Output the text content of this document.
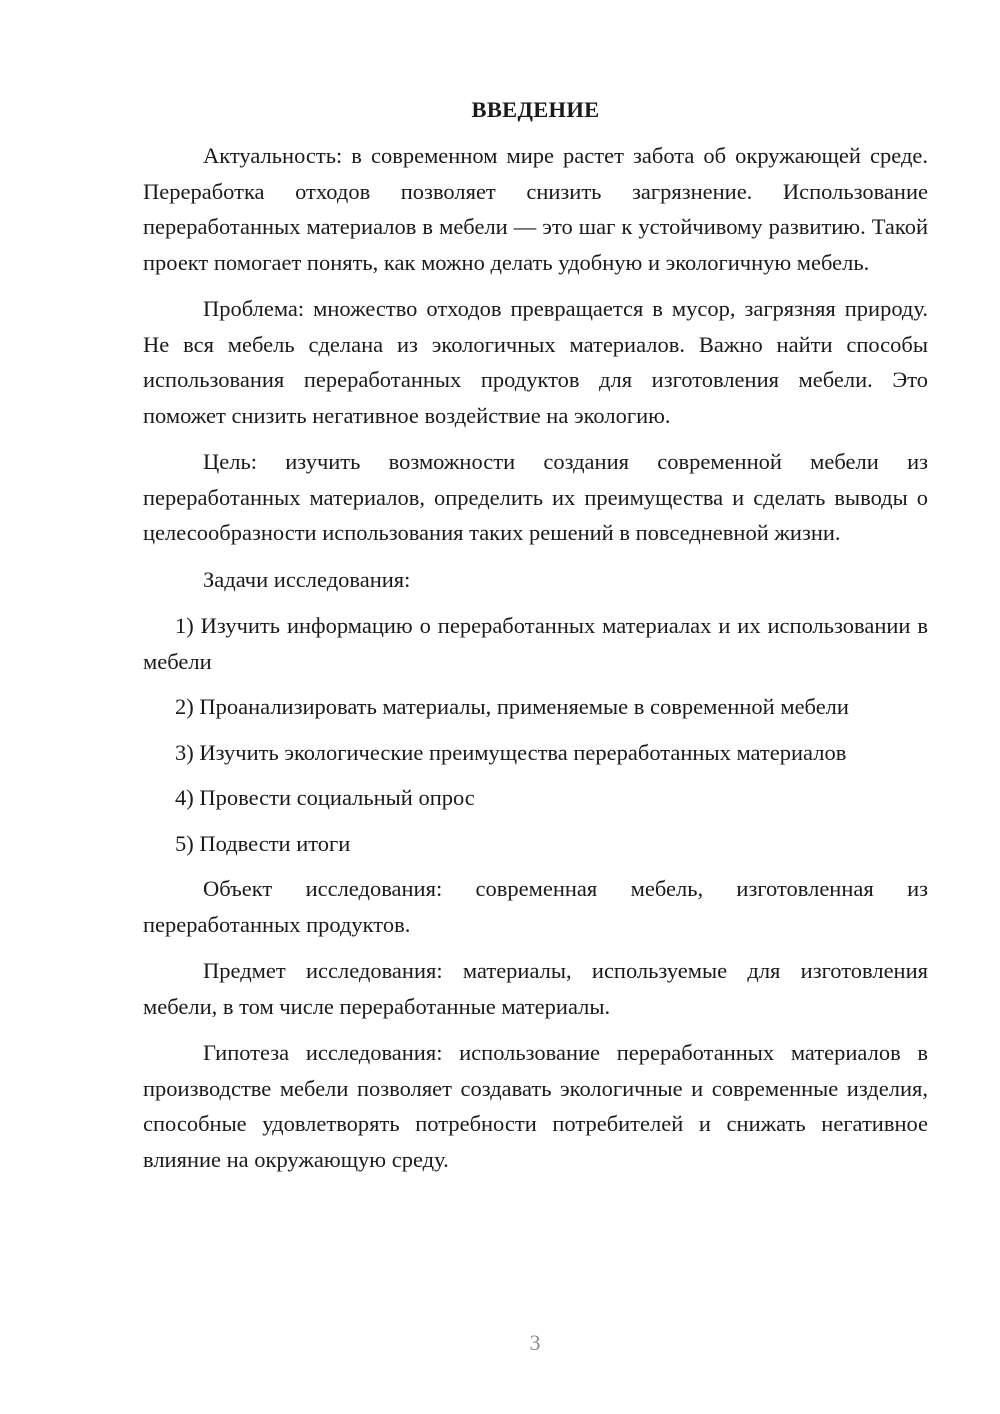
ВВЕДЕНИЕ

Актуальность: в современном мире растет забота об окружающей среде. Переработка отходов позволяет снизить загрязнение. Использование переработанных материалов в мебели — это шаг к устойчивому развитию. Такой проект помогает понять, как можно делать удобную и экологичную мебель.

Проблема: множество отходов превращается в мусор, загрязняя природу. Не вся мебель сделана из экологичных материалов. Важно найти способы использования переработанных продуктов для изготовления мебели. Это поможет снизить негативное воздействие на экологию.

Цель: изучить возможности создания современной мебели из переработанных материалов, определить их преимущества и сделать выводы о целесообразности использования таких решений в повседневной жизни.

Задачи исследования:

1) Изучить информацию о переработанных материалах и их использовании в мебели

2) Проанализировать материалы, применяемые в современной мебели

3) Изучить экологические преимущества переработанных материалов

4) Провести социальный опрос

5) Подвести итоги

Объект исследования: современная мебель, изготовленная из переработанных продуктов.

Предмет исследования: материалы, используемые для изготовления мебели, в том числе переработанные материалы.

Гипотеза исследования: использование переработанных материалов в производстве мебели позволяет создавать экологичные и современные изделия, способные удовлетворять потребности потребителей и снижать негативное влияние на окружающую среду.

3
